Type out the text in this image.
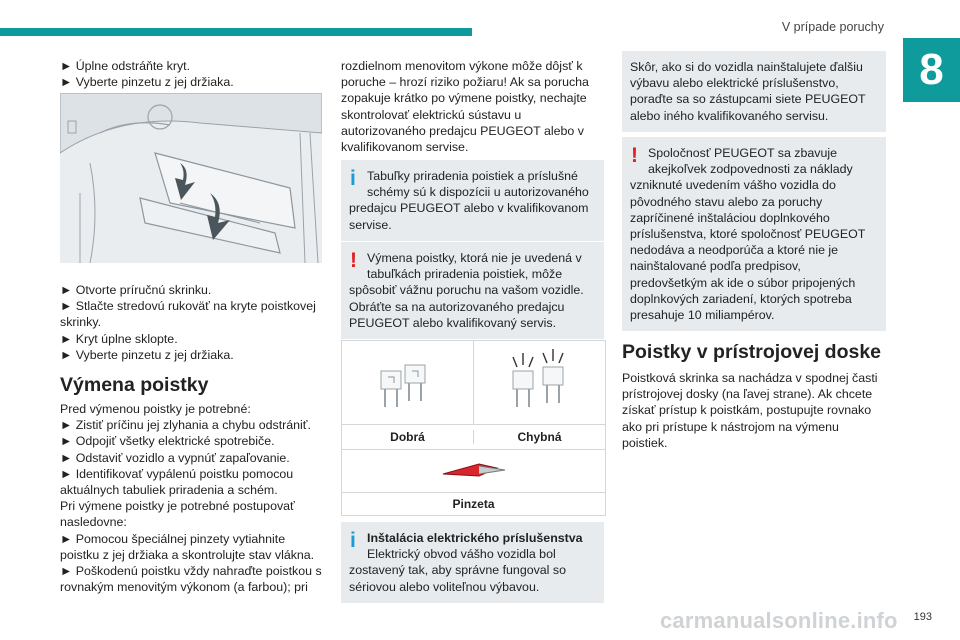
V prípade poruchy
8

► Úplne odstráňte kryt.

► Vyberte pinzetu z jej držiaka.

► Otvorte príručnú skrinku.

► Stlačte stredovú rukoväť na kryte poistkovej skrinky.

► Kryt úplne sklopte.

► Vyberte pinzetu z jej držiaka.

Výmena poistky

Pred výmenou poistky je potrebné:

► Zistiť príčinu jej zlyhania a chybu odstrániť.

► Odpojiť všetky elektrické spotrebiče.

► Odstaviť vozidlo a vypnúť zapaľovanie.

► Identifikovať vypálenú poistku pomocou aktuálnych tabuliek priradenia a schém.

Pri výmene poistky je potrebné postupovať nasledovne:

► Pomocou špeciálnej pinzety vytiahnite poistku z jej držiaka a skontrolujte stav vlákna.

► Poškodenú poistku vždy nahraďte poistkou s rovnakým menovitým výkonom (a farbou); pri

rozdielnom menovitom výkone môže dôjsť k poruche – hrozí riziko požiaru! Ak sa porucha zopakuje krátko po výmene poistky, nechajte skontrolovať elektrickú sústavu u autorizovaného predajcu PEUGEOT alebo v kvalifikovanom servise.

i Tabuľky priradenia poistiek a príslušné schémy sú k dispozícii u autorizovaného

predajcu PEUGEOT alebo v kvalifikovanom servise.

! Výmena poistky, ktorá nie je uvedená v tabuľkách priradenia poistiek, môže

spôsobiť vážnu poruchu na vašom vozidle. Obráťte sa na autorizovaného predajcu PEUGEOT alebo kvalifikovaný servis.

Dobrá	Chybná
Pinzeta
i Inštalácia elektrického príslušenstva

Elektrický obvod vášho vozidla bol

zostavený tak, aby správne fungoval so sériovou alebo voliteľnou výbavou.

Skôr, ako si do vozidla nainštalujete ďalšiu výbavu alebo elektrické príslušenstvo, poraďte sa so zástupcami siete PEUGEOT alebo iného kvalifikovaného servisu.

! Spoločnosť PEUGEOT sa zbavuje akejkoľvek zodpovednosti za náklady

vzniknuté uvedením vášho vozidla do pôvodného stavu alebo za poruchy zapríčinené inštaláciou doplnkového príslušenstva, ktoré spoločnosť PEUGEOT nedodáva a neodporúča a ktoré nie je nainštalované podľa predpisov, predovšetkým ak ide o súbor pripojených doplnkových zariadení, ktorých spotreba presahuje 10 miliampérov.

Poistky v prístrojovej doske

Poistková skrinka sa nachádza v spodnej časti prístrojovej dosky (na ľavej strane). Ak chcete získať prístup k poistkám, postupujte rovnako ako pri prístupe k nástrojom na výmenu poistiek.

carmanualsonline.info 193
